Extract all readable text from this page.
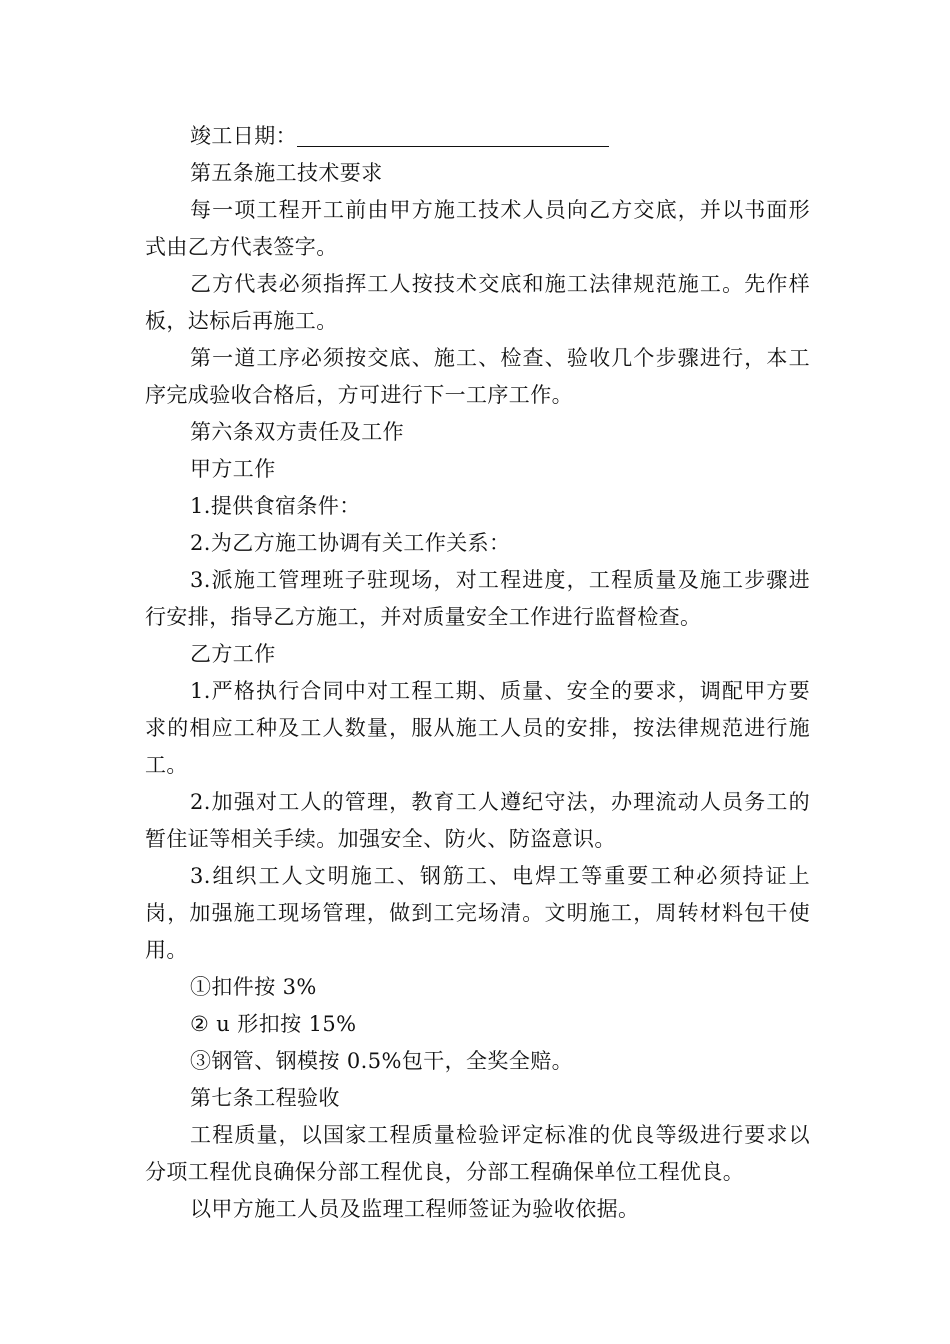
竣工日期：

第五条施工技术要求

每一项工程开工前由甲方施工技术人员向乙方交底，并以书面形式由乙方代表签字。

乙方代表必须指挥工人按技术交底和施工法律规范施工。先作样板，达标后再施工。

第一道工序必须按交底、施工、检查、验收几个步骤进行，本工序完成验收合格后，方可进行下一工序工作。

第六条双方责任及工作

甲方工作

1.提供食宿条件：

2.为乙方施工协调有关工作关系：

3.派施工管理班子驻现场，对工程进度，工程质量及施工步骤进行安排，指导乙方施工，并对质量安全工作进行监督检查。

乙方工作

1.严格执行合同中对工程工期、质量、安全的要求，调配甲方要求的相应工种及工人数量，服从施工人员的安排，按法律规范进行施工。

2.加强对工人的管理，教育工人遵纪守法，办理流动人员务工的暂住证等相关手续。加强安全、防火、防盗意识。

3.组织工人文明施工、钢筋工、电焊工等重要工种必须持证上岗，加强施工现场管理，做到工完场清。文明施工，周转材料包干使用。

①扣件按 3%

② u 形扣按 15%

③钢管、钢模按 0.5%包干，全奖全赔。

第七条工程验收

工程质量，以国家工程质量检验评定标准的优良等级进行要求以分项工程优良确保分部工程优良，分部工程确保单位工程优良。

以甲方施工人员及监理工程师签证为验收依据。
